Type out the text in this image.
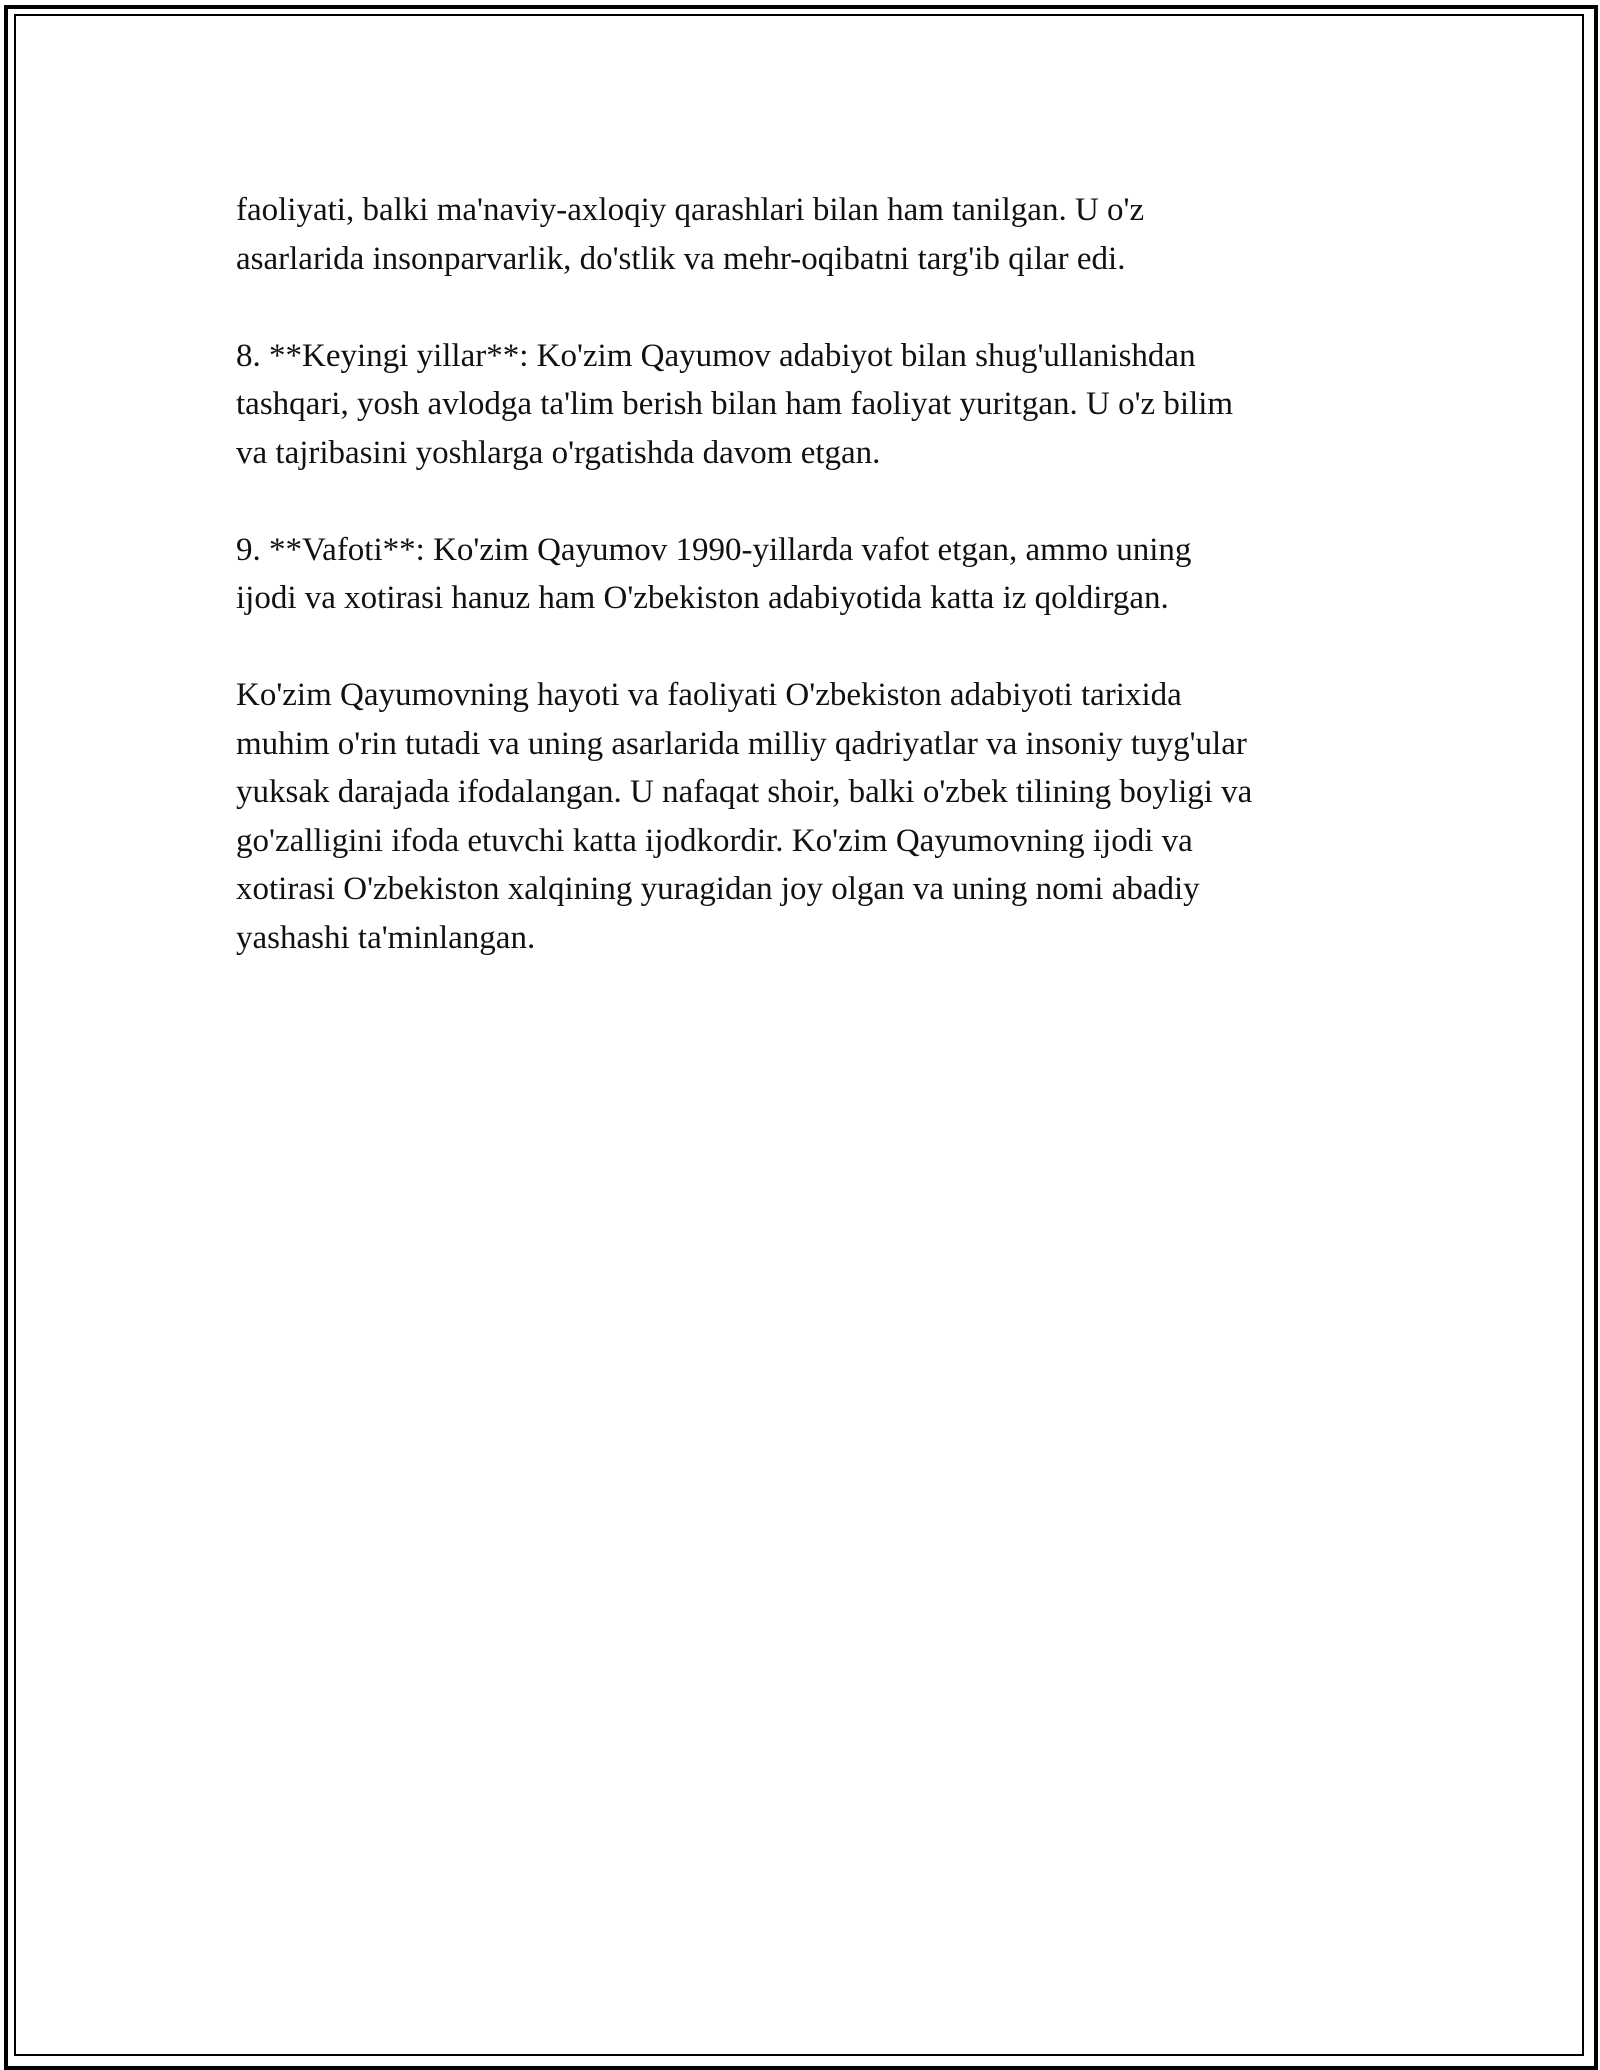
faoliyati, balki ma'naviy-axloqiy qarashlari bilan ham tanilgan. U o'z
asarlarida insonparvarlik, do'stlik va mehr-oqibatni targ'ib qilar edi.

8. **Keyingi yillar**: Ko'zim Qayumov adabiyot bilan shug'ullanishdan
tashqari, yosh avlodga ta'lim berish bilan ham faoliyat yuritgan. U o'z bilim
va tajribasini yoshlarga o'rgatishda davom etgan.

9. **Vafoti**: Ko'zim Qayumov 1990-yillarda vafot etgan, ammo uning
ijodi va xotirasi hanuz ham O'zbekiston adabiyotida katta iz qoldirgan.

Ko'zim Qayumovning hayoti va faoliyati O'zbekiston adabiyoti tarixida
muhim o'rin tutadi va uning asarlarida milliy qadriyatlar va insoniy tuyg'ular
yuksak darajada ifodalangan. U nafaqat shoir, balki o'zbek tilining boyligi va
go'zalligini ifoda etuvchi katta ijodkordir. Ko'zim Qayumovning ijodi va
xotirasi O'zbekiston xalqining yuragidan joy olgan va uning nomi abadiy
yashashi ta'minlangan.
